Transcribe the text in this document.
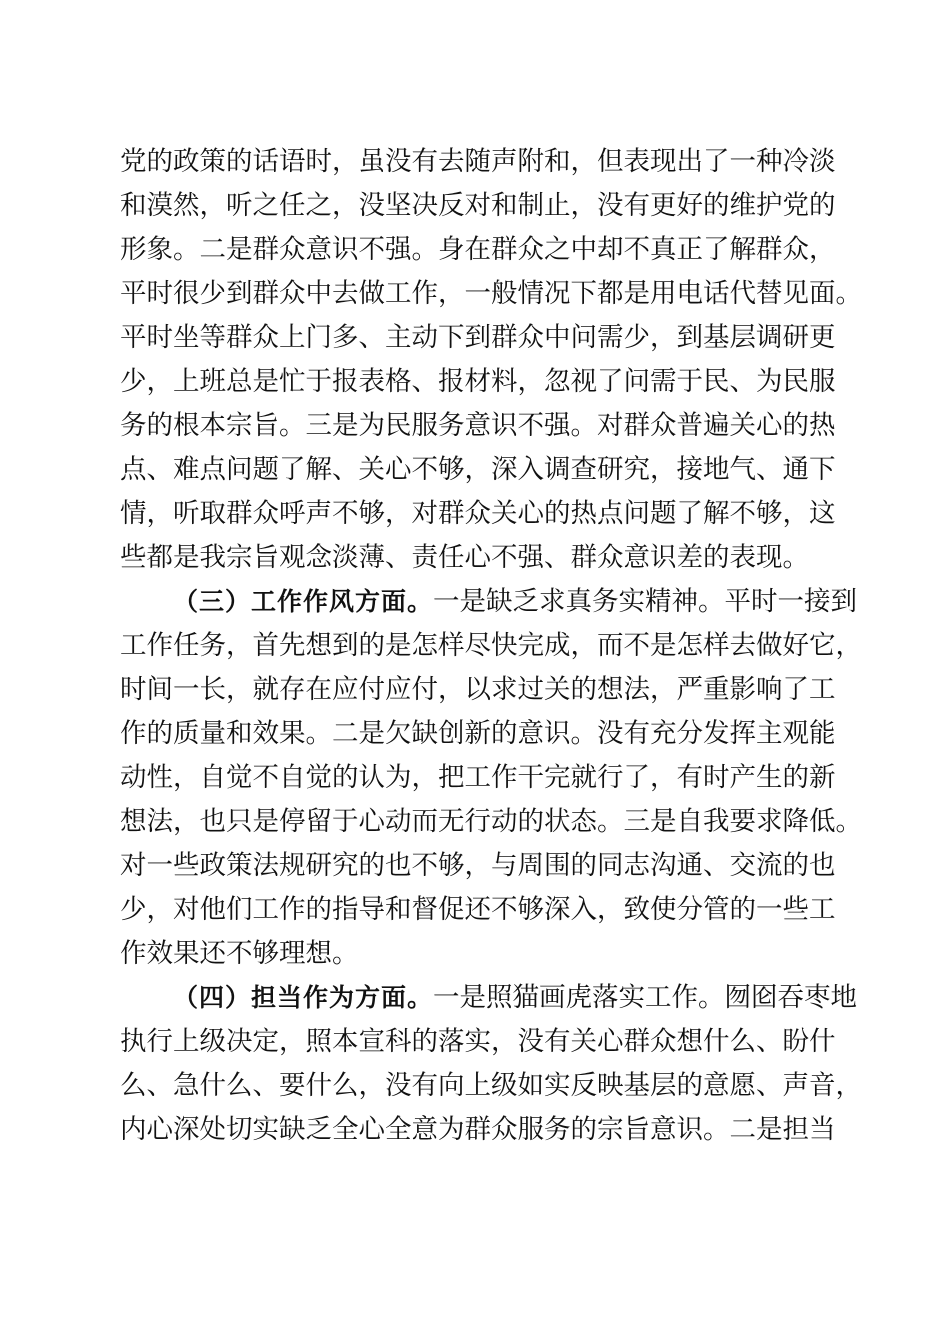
党的政策的话语时，虽没有去随声附和，但表现出了一种冷淡
和漠然，听之任之，没坚决反对和制止，没有更好的维护党的
形象。二是群众意识不强。身在群众之中却不真正了解群众，
平时很少到群众中去做工作，一般情况下都是用电话代替见面。
平时坐等群众上门多、主动下到群众中问需少，到基层调研更
少，上班总是忙于报表格、报材料，忽视了问需于民、为民服
务的根本宗旨。三是为民服务意识不强。对群众普遍关心的热
点、难点问题了解、关心不够，深入调查研究，接地气、通下
情，听取群众呼声不够，对群众关心的热点问题了解不够，这
些都是我宗旨观念淡薄、责任心不强、群众意识差的表现。
（三）工作作风方面。一是缺乏求真务实精神。平时一接到
工作任务，首先想到的是怎样尽快完成，而不是怎样去做好它，
时间一长，就存在应付应付，以求过关的想法，严重影响了工
作的质量和效果。二是欠缺创新的意识。没有充分发挥主观能
动性，自觉不自觉的认为，把工作干完就行了，有时产生的新
想法，也只是停留于心动而无行动的状态。三是自我要求降低。
对一些政策法规研究的也不够，与周围的同志沟通、交流的也
少，对他们工作的指导和督促还不够深入，致使分管的一些工
作效果还不够理想。
（四）担当作为方面。一是照猫画虎落实工作。囫囵吞枣地
执行上级决定，照本宣科的落实，没有关心群众想什么、盼什
么、急什么、要什么，没有向上级如实反映基层的意愿、声音，
内心深处切实缺乏全心全意为群众服务的宗旨意识。二是担当
